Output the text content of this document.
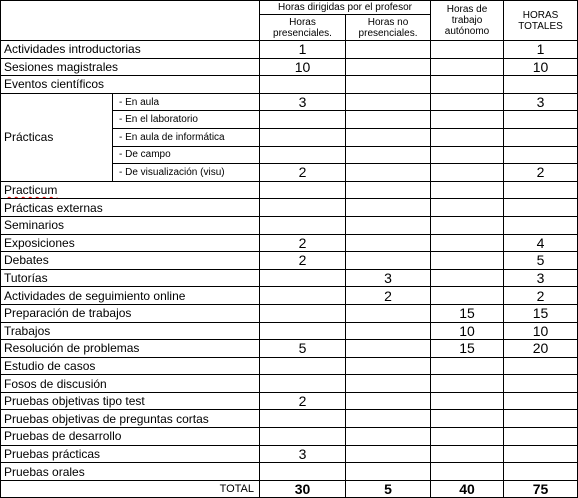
		Horas dirigidas por el profesor		Horas de trabajo autónomo	HORAS TOTALES
		Horas presenciales.	Horas no presenciales.		
Actividades introductorias		1			1
Sesiones magistrales		10			10
Eventos científicos					
Prácticas	- En aula	3			3
	- En el laboratorio				
	- En aula de informática				
	- De campo				
	- De visualización (visu)	2			2
Practicum					
Prácticas externas					
Seminarios					
Exposiciones		2			4
Debates		2			5
Tutorías			3		3
Actividades de seguimiento online			2		2
Preparación de trabajos				15	15
Trabajos				10	10
Resolución de problemas		5		15	20
Estudio de casos					
Fosos de discusión					
Pruebas objetivas tipo test		2			
Pruebas objetivas de preguntas cortas					
Pruebas de desarrollo					
Pruebas prácticas		3			
Pruebas orales					
TOTAL		30	5	40	75
